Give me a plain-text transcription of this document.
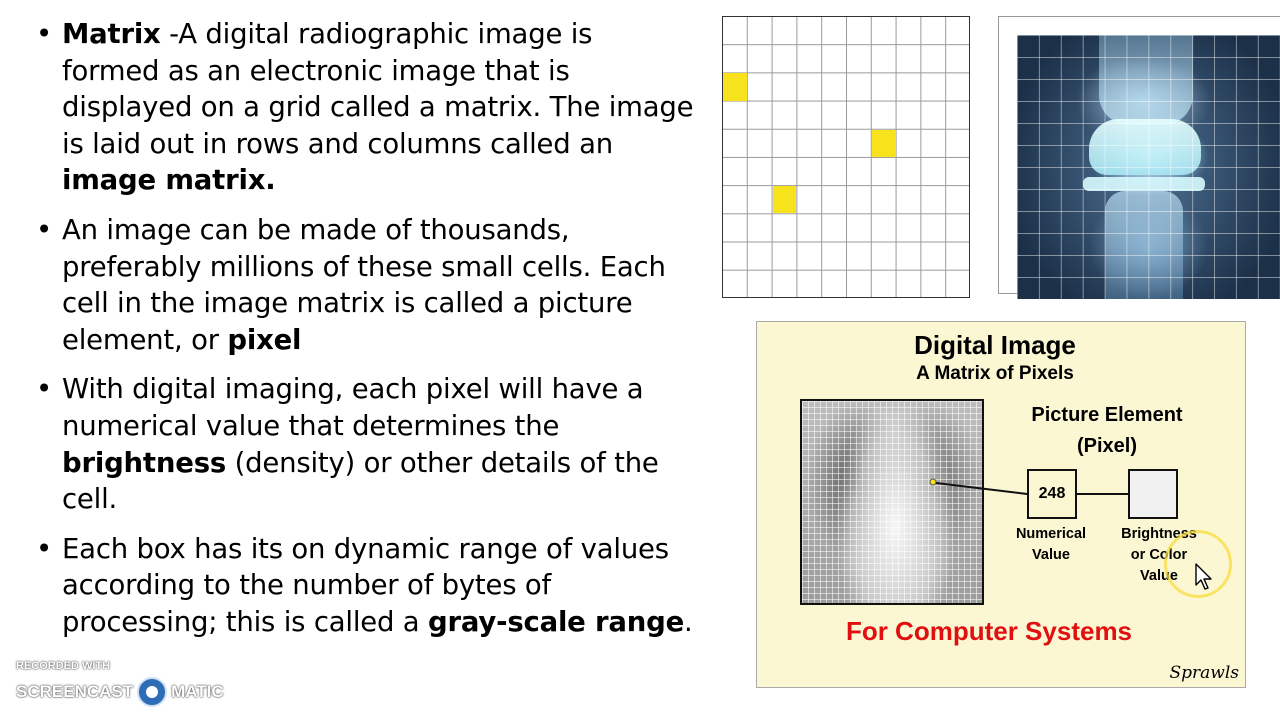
• Matrix -A digital radiographic image is formed as an electronic image that is displayed on a grid called a matrix. The image is laid out in rows and columns called an image matrix.
• An image can be made of thousands, preferably millions of these small cells. Each cell in the image matrix is called a picture element, or pixel
• With digital imaging, each pixel will have a numerical value that determines the brightness (density) or other details of the cell.
• Each box has its on dynamic range of values according to the number of bytes of processing; this is called a gray-scale range.
Digital Image
A Matrix of Pixels
Picture Element
(Pixel)
248
Numerical
Value
Brightness
or Color
Value
For Computer Systems
Sprawls
RECORDED WITH
SCREENCAST MATIC
